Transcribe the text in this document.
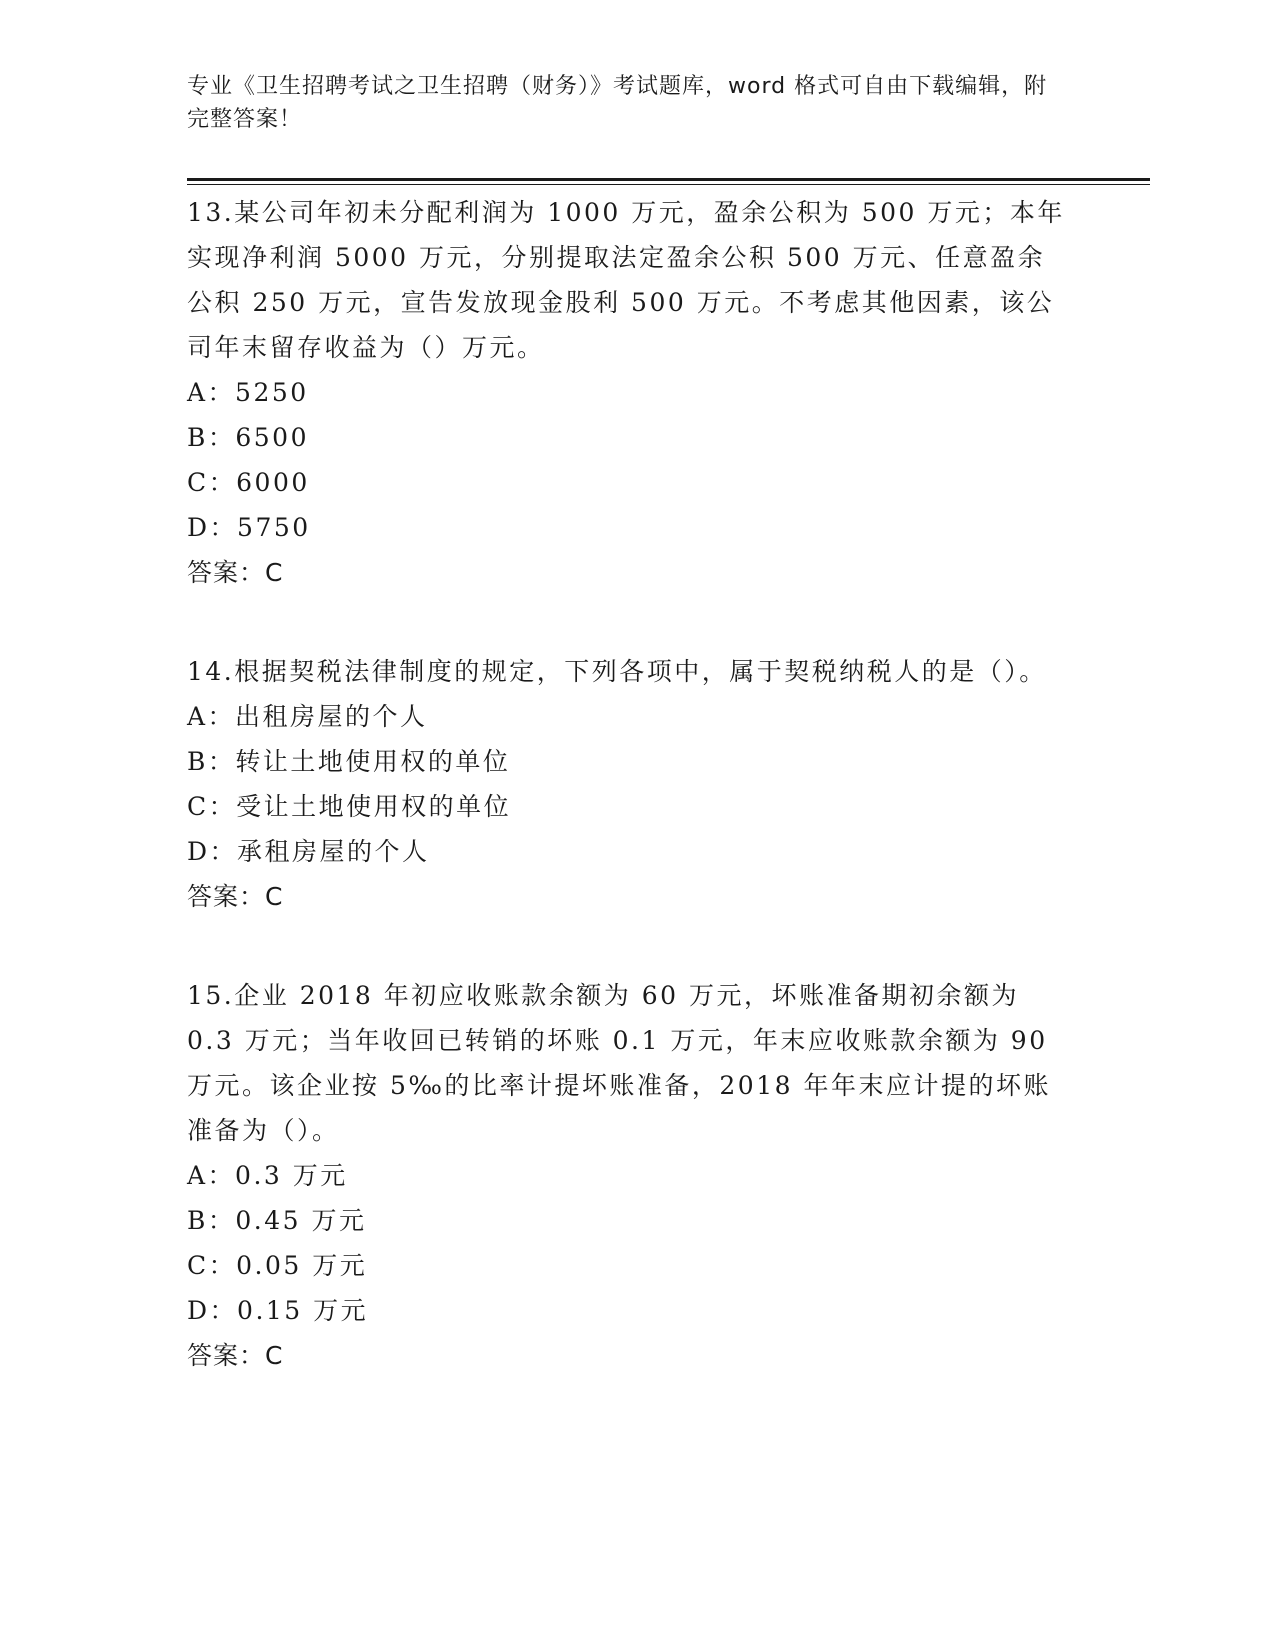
专业《卫生招聘考试之卫生招聘（财务）》考试题库，word 格式可自由下载编辑，附完整答案！

13.某公司年初未分配利润为 1000 万元，盈余公积为 500 万元；本年实现净利润 5000 万元，分别提取法定盈余公积 500 万元、任意盈余公积 250 万元，宣告发放现金股利 500 万元。不考虑其他因素，该公司年末留存收益为（）万元。

A：5250
B：6500
C：6000
D：5750
答案：C

14.根据契税法律制度的规定，下列各项中，属于契税纳税人的是（）。

A：出租房屋的个人
B：转让土地使用权的单位
C：受让土地使用权的单位
D：承租房屋的个人
答案：C

15.企业 2018 年初应收账款余额为 60 万元，坏账准备期初余额为 0.3 万元；当年收回已转销的坏账 0.1 万元，年末应收账款余额为 90 万元。该企业按 5‰的比率计提坏账准备，2018 年年末应计提的坏账准备为（）。

A：0.3 万元
B：0.45 万元
C：0.05 万元
D：0.15 万元
答案：C
